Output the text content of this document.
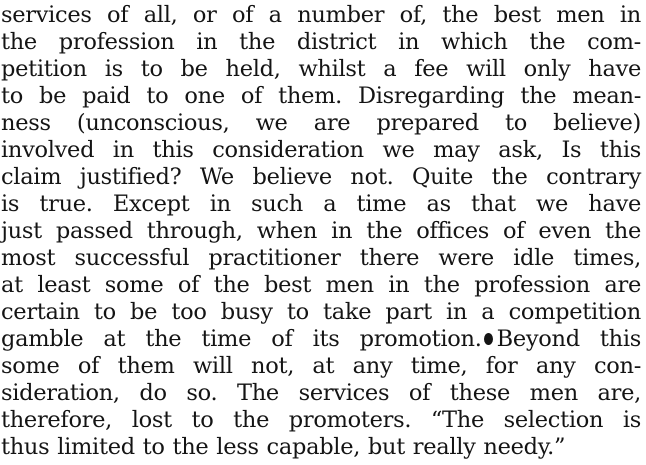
services of all, or of a number of, the best men in
the profession in the district in which the com-
petition is to be held, whilst a fee will only have
to be paid to one of them. Disregarding the mean-
ness (unconscious, we are prepared to believe)
involved in this consideration we may ask, Is this
claim justified? We believe not. Quite the contrary
is true. Except in such a time as that we have
just passed through, when in the offices of even the
most successful practitioner there were idle times,
at least some of the best men in the profession are
certain to be too busy to take part in a competition
gamble at the time of its promotion. Beyond this
some of them will not, at any time, for any con-
sideration, do so. The services of these men are,
therefore, lost to the promoters. “The selection is
thus limited to the less capable, but really needy.”
